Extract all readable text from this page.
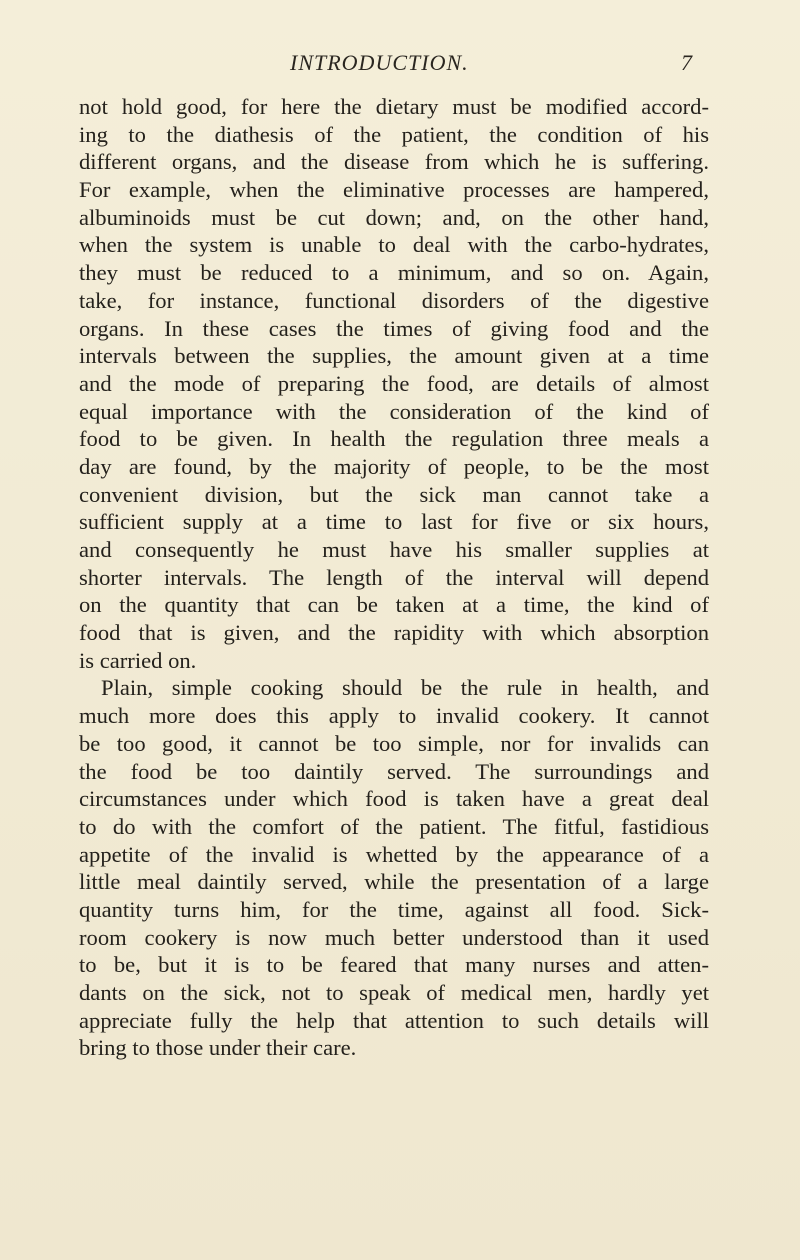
INTRODUCTION.	7
not hold good, for here the dietary must be modified accord-
ing to the diathesis of the patient, the condition of his
different organs, and the disease from which he is suffering.
For example, when the eliminative processes are hampered,
albuminoids must be cut down; and, on the other hand,
when the system is unable to deal with the carbo-hydrates,
they must be reduced to a minimum, and so on. Again,
take, for instance, functional disorders of the digestive
organs. In these cases the times of giving food and the
intervals between the supplies, the amount given at a time
and the mode of preparing the food, are details of almost
equal importance with the consideration of the kind of
food to be given. In health the regulation three meals a
day are found, by the majority of people, to be the most
convenient division, but the sick man cannot take a
sufficient supply at a time to last for five or six hours,
and consequently he must have his smaller supplies at
shorter intervals. The length of the interval will depend
on the quantity that can be taken at a time, the kind of
food that is given, and the rapidity with which absorption
is carried on.
Plain, simple cooking should be the rule in health, and
much more does this apply to invalid cookery. It cannot
be too good, it cannot be too simple, nor for invalids can
the food be too daintily served. The surroundings and
circumstances under which food is taken have a great deal
to do with the comfort of the patient. The fitful, fastidious
appetite of the invalid is whetted by the appearance of a
little meal daintily served, while the presentation of a large
quantity turns him, for the time, against all food. Sick-
room cookery is now much better understood than it used
to be, but it is to be feared that many nurses and atten-
dants on the sick, not to speak of medical men, hardly yet
appreciate fully the help that attention to such details will
bring to those under their care.
